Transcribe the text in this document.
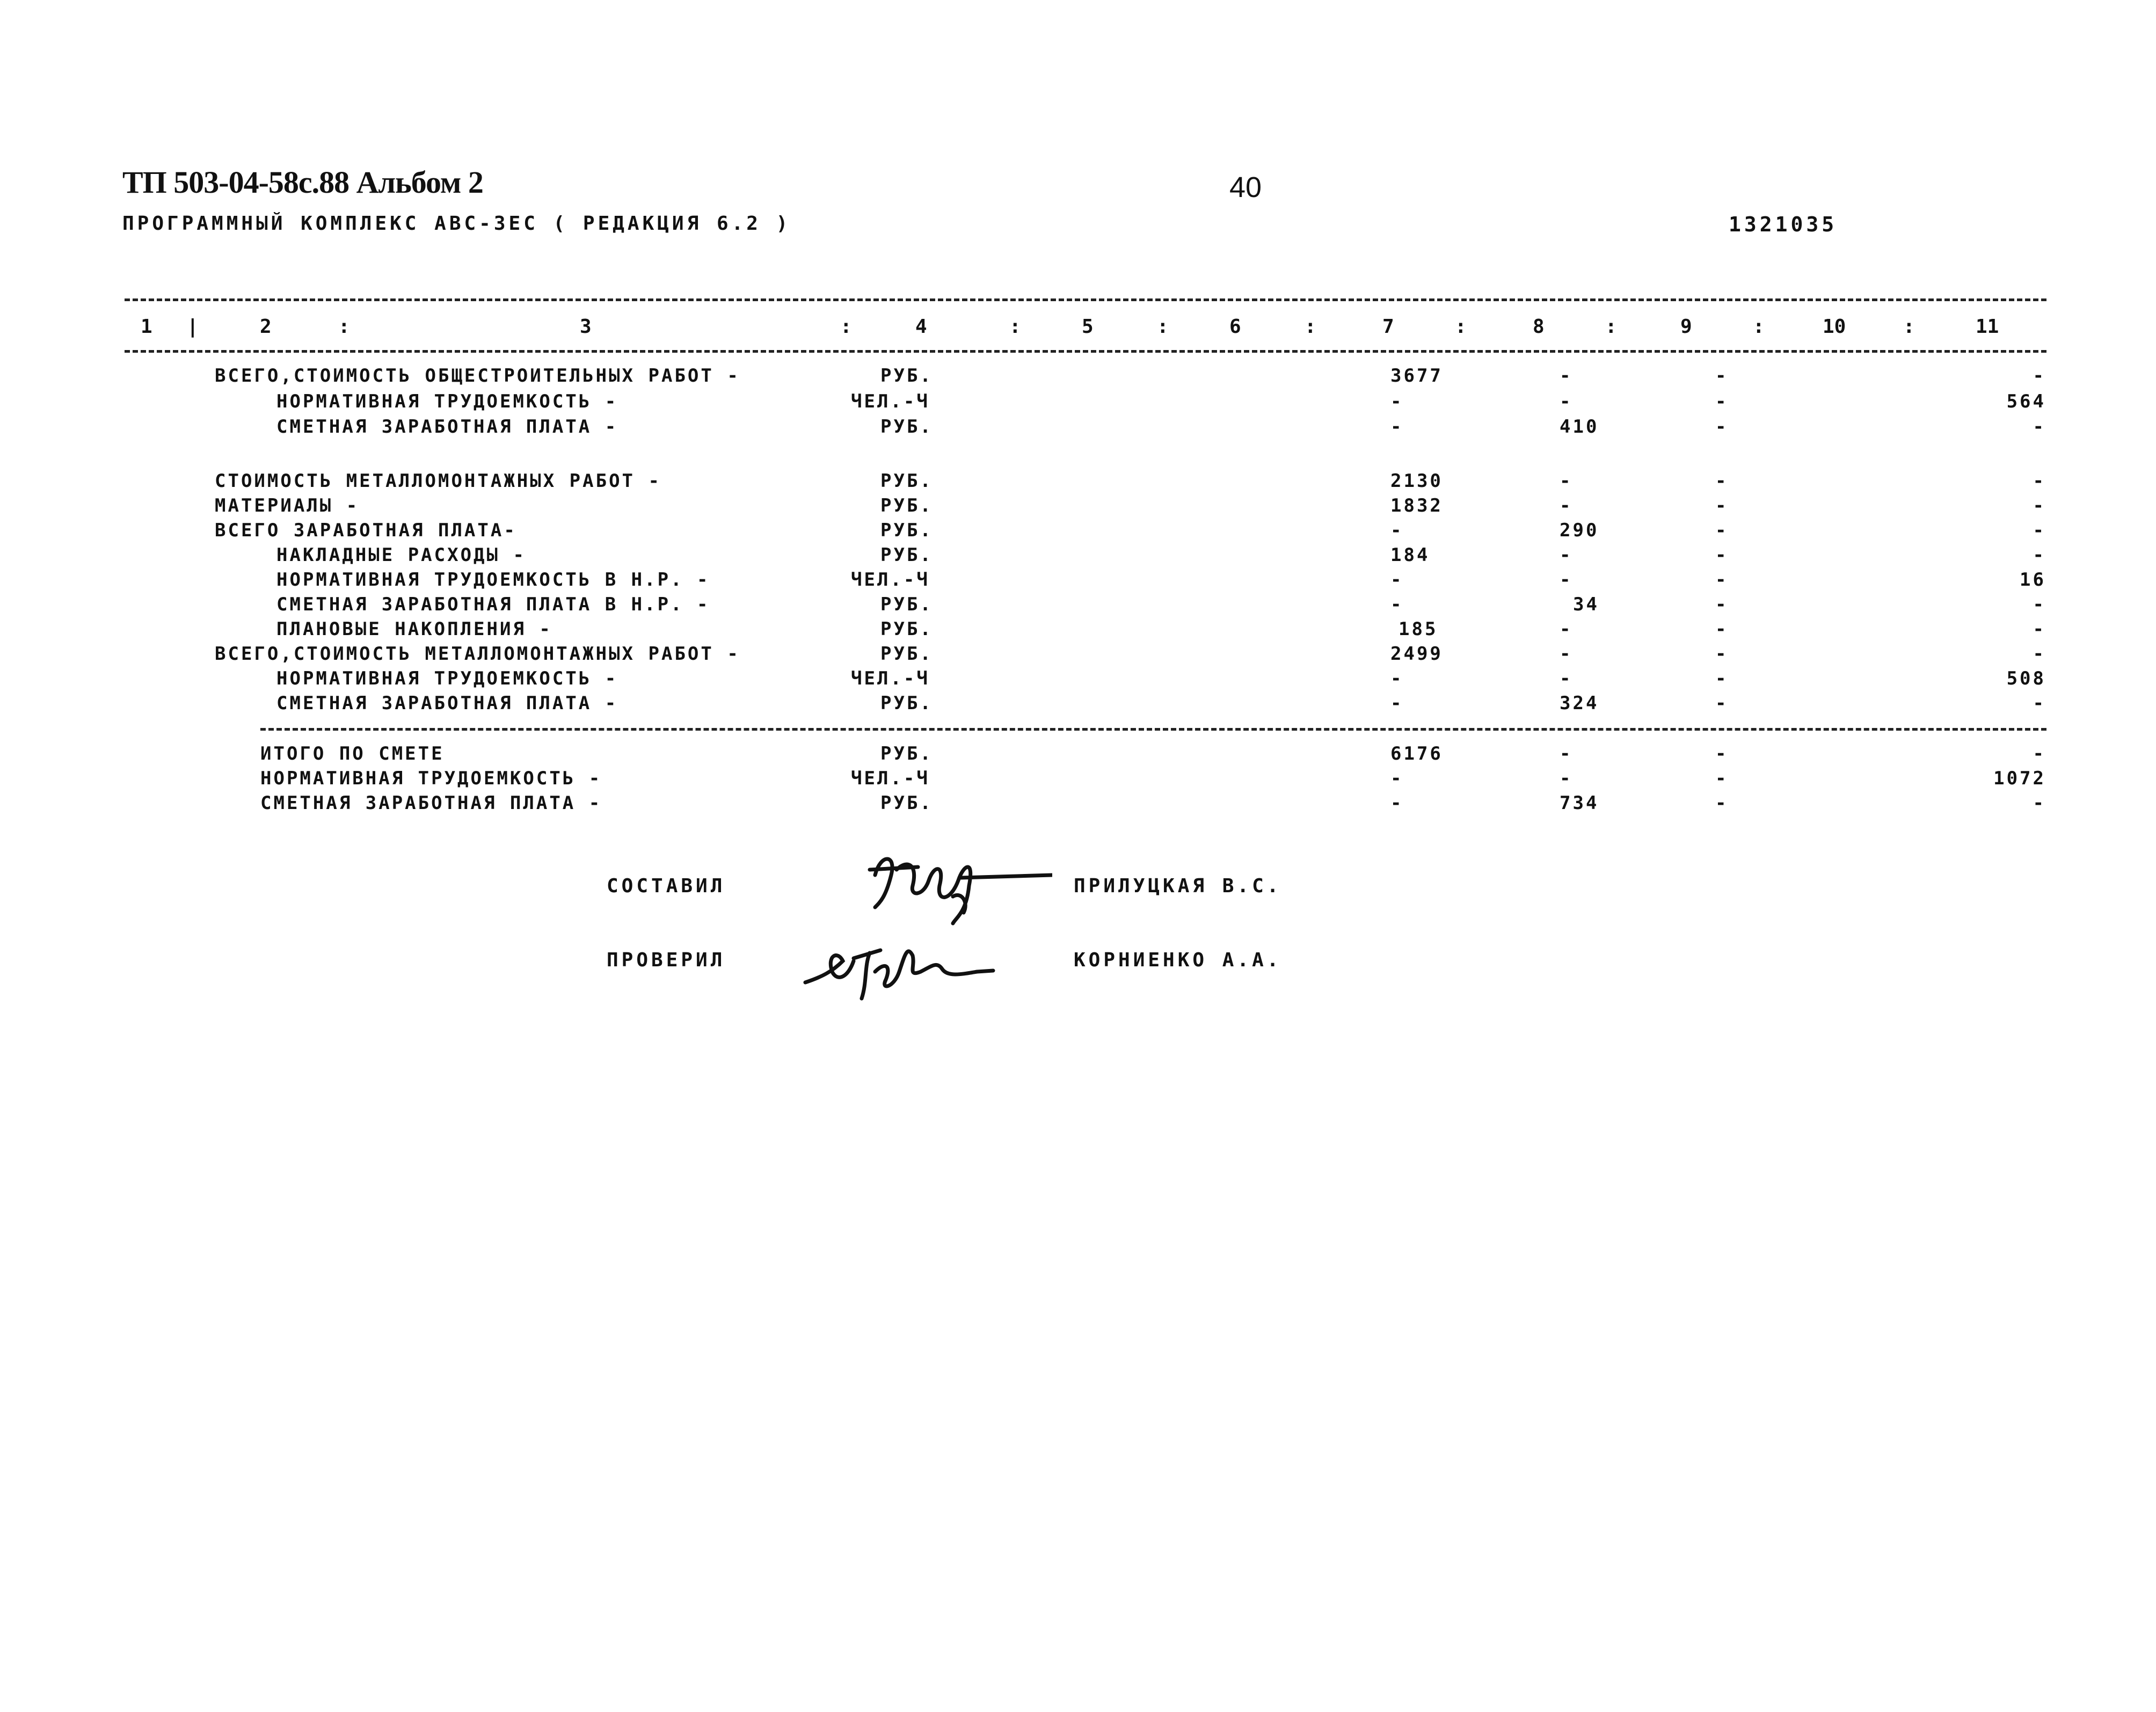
ТП 503-04-58с.88 Альбом 2	40
ПРОГРАММНЫЙ КОМПЛЕКС АВС-ЗЕС ( РЕДАКЦИЯ 6.2 )	1321035
1 |	2	:	3	:	4	:	5	:	6	:	7	:	8	:	9	:	10	:	11
ВСЕГО,СТОИМОСТЬ ОБЩЕСТРОИТЕЛЬНЫХ РАБОТ -	РУБ.	3677	-	-	-
НОРМАТИВНАЯ ТРУДОЕМКОСТЬ -	ЧЕЛ.-Ч	-	-	-	564
СМЕТНАЯ ЗАРАБОТНАЯ ПЛАТА -	РУБ.	-	410	-	-
СТОИМОСТЬ МЕТАЛЛОМОНТАЖНЫХ РАБОТ -	РУБ.	2130	-	-	-
МАТЕРИАЛЫ -	РУБ.	1832	-	-	-
ВСЕГО ЗАРАБОТНАЯ ПЛАТА-	РУБ.	-	290	-	-
НАКЛАДНЫЕ РАСХОДЫ -	РУБ.	184	-	-	-
НОРМАТИВНАЯ ТРУДОЕМКОСТЬ В Н.Р. -	ЧЕЛ.-Ч	-	-	-	16
СМЕТНАЯ ЗАРАБОТНАЯ ПЛАТА В Н.Р. -	РУБ.	-	34	-	-
ПЛАНОВЫЕ НАКОПЛЕНИЯ -	РУБ.	185	-	-	-
ВСЕГО,СТОИМОСТЬ МЕТАЛЛОМОНТАЖНЫХ РАБОТ -	РУБ.	2499	-	-	-
НОРМАТИВНАЯ ТРУДОЕМКОСТЬ -	ЧЕЛ.-Ч	-	-	-	508
СМЕТНАЯ ЗАРАБОТНАЯ ПЛАТА -	РУБ.	-	324	-	-
ИТОГО ПО СМЕТЕ	РУБ.	6176	-	-	-
НОРМАТИВНАЯ ТРУДОЕМКОСТЬ -	ЧЕЛ.-Ч	-	-	-	1072
СМЕТНАЯ ЗАРАБОТНАЯ ПЛАТА -	РУБ.	-	734	-	-
СОСТАВИЛ	ПРИЛУЦКАЯ В.С.
ПРОВЕРИЛ	КОРНИЕНКО А.А.
